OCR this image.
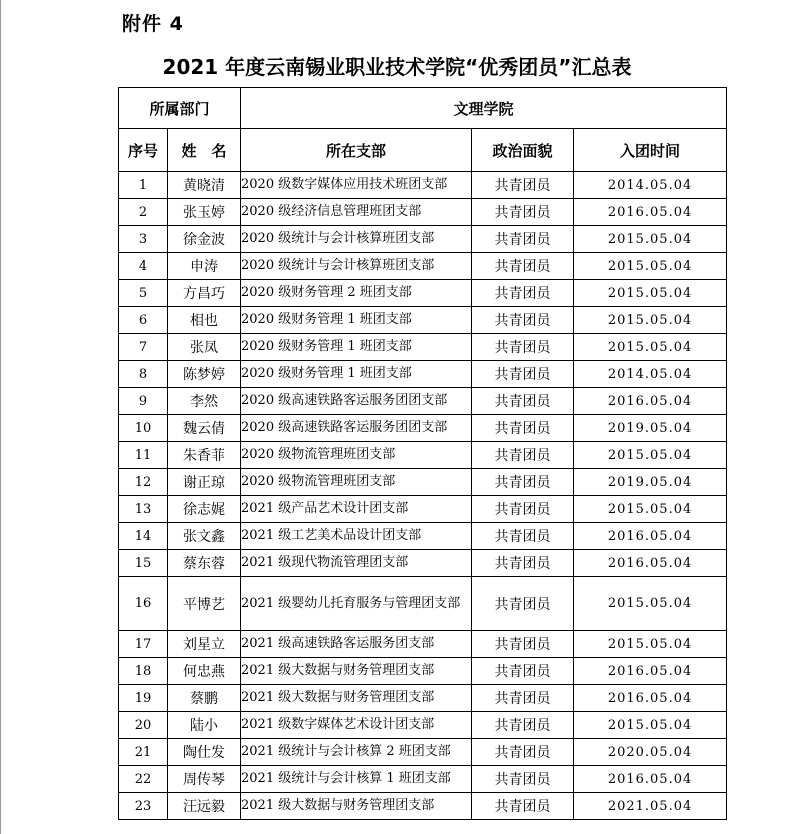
附件 4
2021 年度云南锡业职业技术学院“优秀团员”汇总表
所属部门		文理学院		
序号	姓　名	所在支部	政治面貌	入团时间
1	黄晓清	2020 级数字媒体应用技术班团支部	共青团员	2014.05.04
2	张玉婷	2020 级经济信息管理班团支部	共青团员	2016.05.04
3	徐金波	2020 级统计与会计核算班团支部	共青团员	2015.05.04
4	申涛	2020 级统计与会计核算班团支部	共青团员	2015.05.04
5	方昌巧	2020 级财务管理 2 班团支部	共青团员	2015.05.04
6	相也	2020 级财务管理 1 班团支部	共青团员	2015.05.04
7	张凤	2020 级财务管理 1 班团支部	共青团员	2015.05.04
8	陈梦婷	2020 级财务管理 1 班团支部	共青团员	2014.05.04
9	李然	2020 级高速铁路客运服务团团支部	共青团员	2016.05.04
10	魏云倩	2020 级高速铁路客运服务团团支部	共青团员	2019.05.04
11	朱香菲	2020 级物流管理班团支部	共青团员	2015.05.04
12	谢正琼	2020 级物流管理班团支部	共青团员	2019.05.04
13	徐志娓	2021 级产品艺术设计团支部	共青团员	2015.05.04
14	张文鑫	2021 级工艺美术品设计团支部	共青团员	2016.05.04
15	蔡东蓉	2021 级现代物流管理团支部	共青团员	2016.05.04
16	平博艺	2021 级婴幼儿托育服务与管理团支部	共青团员	2015.05.04
17	刘星立	2021 级高速铁路客运服务团支部	共青团员	2015.05.04
18	何忠燕	2021 级大数据与财务管理团支部	共青团员	2016.05.04
19	蔡鹏	2021 级大数据与财务管理团支部	共青团员	2016.05.04
20	陆小	2021 级数字媒体艺术设计团支部	共青团员	2015.05.04
21	陶仕发	2021 级统计与会计核算 2 班团支部	共青团员	2020.05.04
22	周传琴	2021 级统计与会计核算 1 班团支部	共青团员	2016.05.04
23	汪远毅	2021 级大数据与财务管理团支部	共青团员	2021.05.04
